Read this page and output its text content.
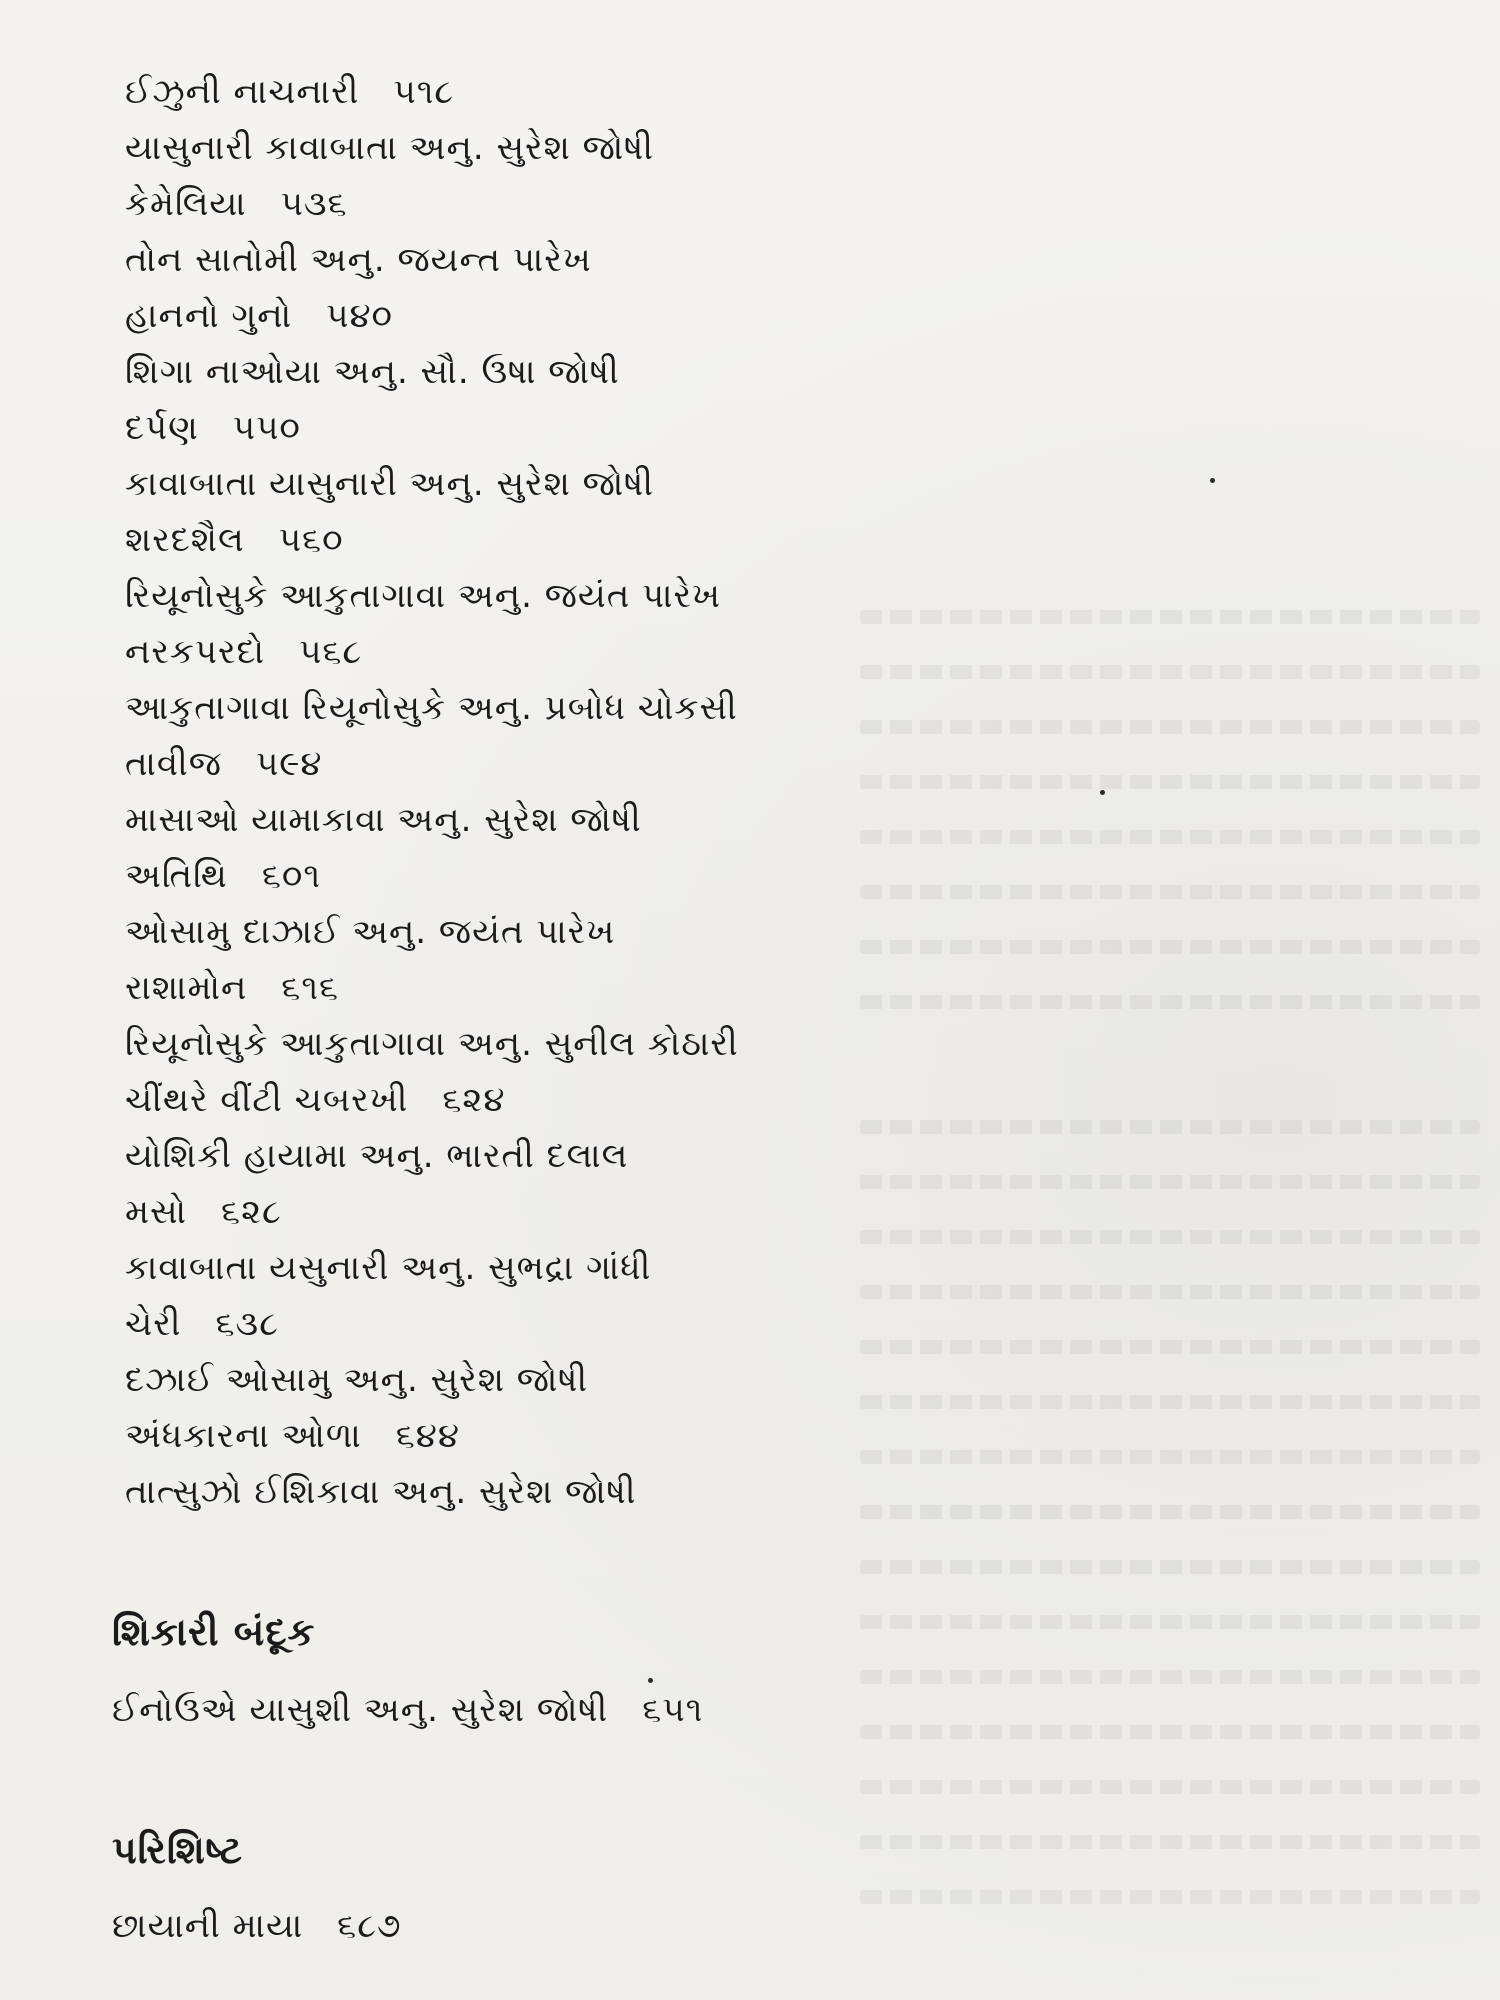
ઈઝુની નાચનારી ૫૧૮
યાસુનારી કાવાબાતા અનુ. સુરેશ જોષી
કેમેલિયા ૫૩૬
તોન સાતોમી અનુ. જયન્ત પારેખ
હાનનો ગુનો ૫૪૦
શિગા નાઓયા અનુ. સૌ. ઉષા જોષી
દર્પણ ૫૫૦
કાવાબાતા યાસુનારી અનુ. સુરેશ જોષી
શરદશૈલ ૫૬૦
રિયૂનોસુકે આકુતાગાવા અનુ. જયંત પારેખ
નરકપરદો ૫૬૮
આકુતાગાવા રિયૂનોસુકે અનુ. પ્રબોધ ચોકસી
તાવીજ ૫૯૪
માસાઓ યામાકાવા અનુ. સુરેશ જોષી
અતિથિ ૬૦૧
ઓસામુ દાઝાઈ અનુ. જયંત પારેખ
રાશામોન ૬૧૬
રિયૂનોસુકે આકુતાગાવા અનુ. સુનીલ કોઠારી
ચીંથરે વીંટી ચબરખી ૬૨૪
યોશિકી હાયામા અનુ. ભારતી દલાલ
મસો ૬૨૮
કાવાબાતા યસુનારી અનુ. સુભદ્રા ગાંધી
ચેરી ૬૩૮
દઝાઈ ઓસામુ અનુ. સુરેશ જોષી
અંધકારના ઓળા ૬૪૪
તાત્સુઝો ઈશિકાવા અનુ. સુરેશ જોષી
શિકારી બંદૂક
ઈનોઉએ યાસુશી અનુ. સુરેશ જોષી ૬૫૧
પરિશિષ્ટ
છાયાની માયા ૬૮૭
